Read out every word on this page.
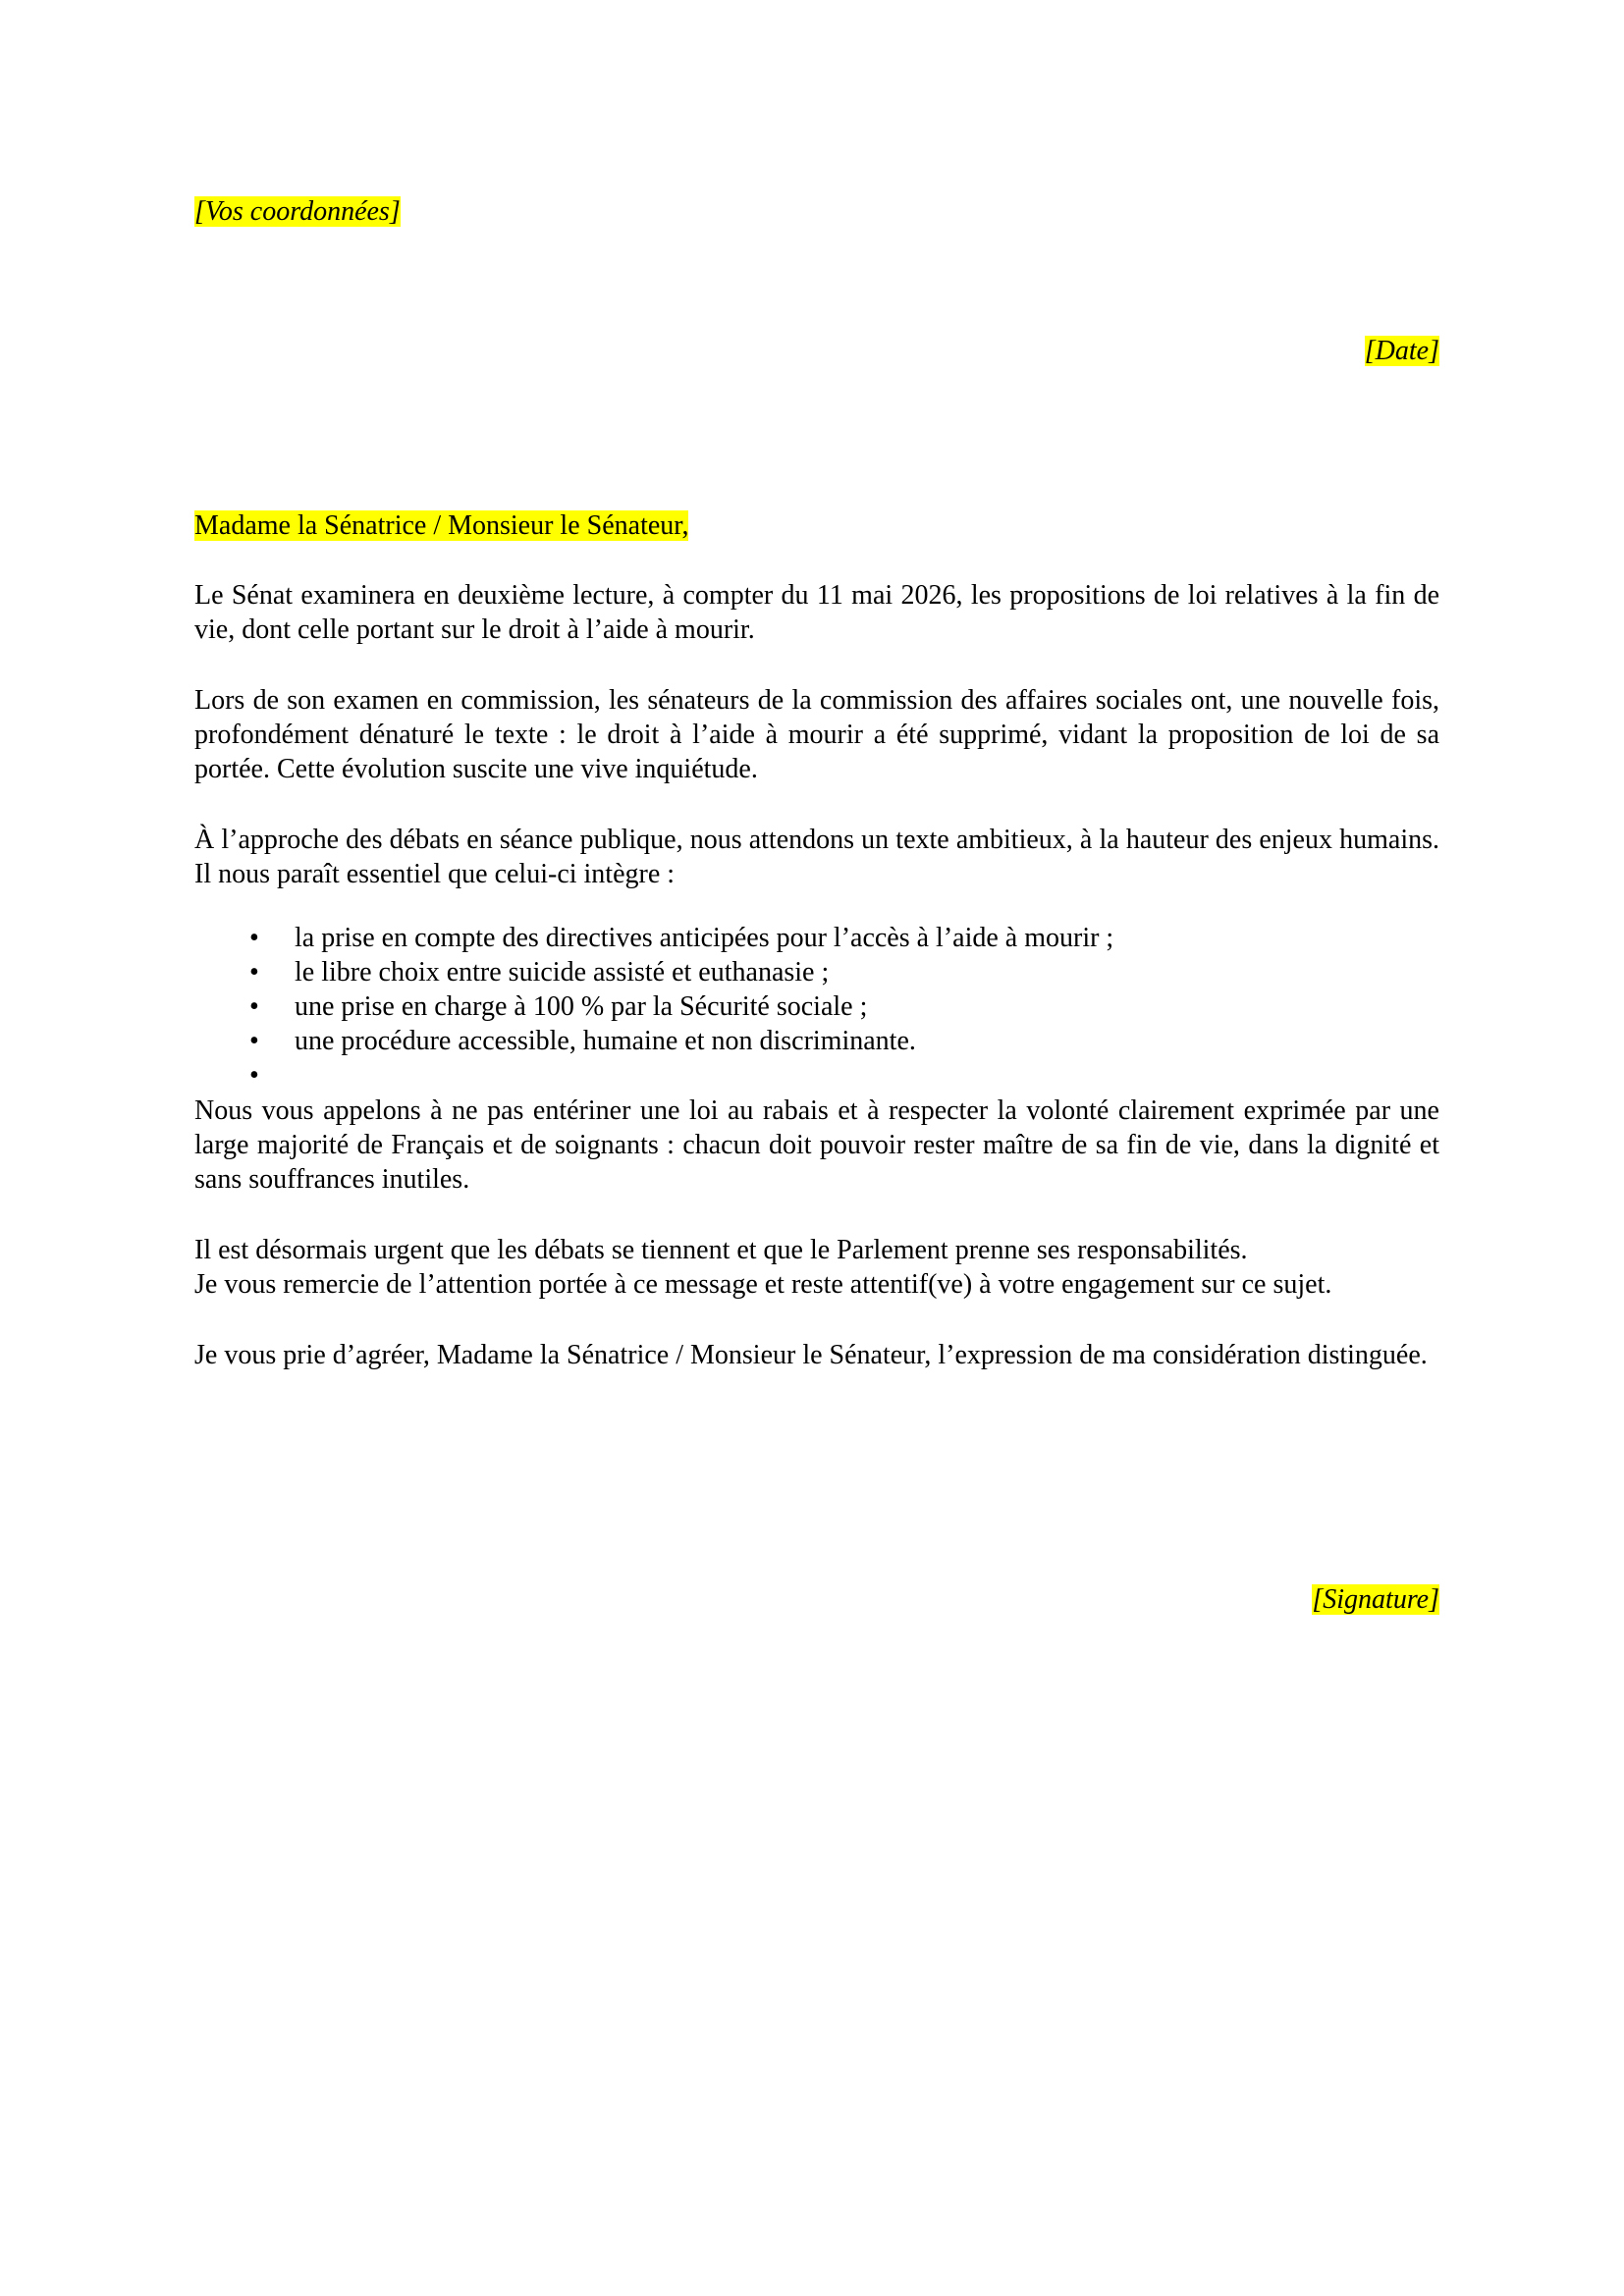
[Vos coordonnées]

[Date]

Madame la Sénatrice / Monsieur le Sénateur,

Le Sénat examinera en deuxième lecture, à compter du 11 mai 2026, les propositions de loi relatives à la fin de vie, dont celle portant sur le droit à l’aide à mourir.

Lors de son examen en commission, les sénateurs de la commission des affaires sociales ont, une nouvelle fois, profondément dénaturé le texte : le droit à l’aide à mourir a été supprimé, vidant la proposition de loi de sa portée. Cette évolution suscite une vive inquiétude.

À l’approche des débats en séance publique, nous attendons un texte ambitieux, à la hauteur des enjeux humains. Il nous paraît essentiel que celui-ci intègre :

• la prise en compte des directives anticipées pour l’accès à l’aide à mourir ;
• le libre choix entre suicide assisté et euthanasie ;
• une prise en charge à 100 % par la Sécurité sociale ;
• une procédure accessible, humaine et non discriminante.
•

Nous vous appelons à ne pas entériner une loi au rabais et à respecter la volonté clairement exprimée par une large majorité de Français et de soignants : chacun doit pouvoir rester maître de sa fin de vie, dans la dignité et sans souffrances inutiles.

Il est désormais urgent que les débats se tiennent et que le Parlement prenne ses responsabilités.

Je vous remercie de l’attention portée à ce message et reste attentif(ve) à votre engagement sur ce sujet.

Je vous prie d’agréer, Madame la Sénatrice / Monsieur le Sénateur, l’expression de ma considération distinguée.

[Signature]
